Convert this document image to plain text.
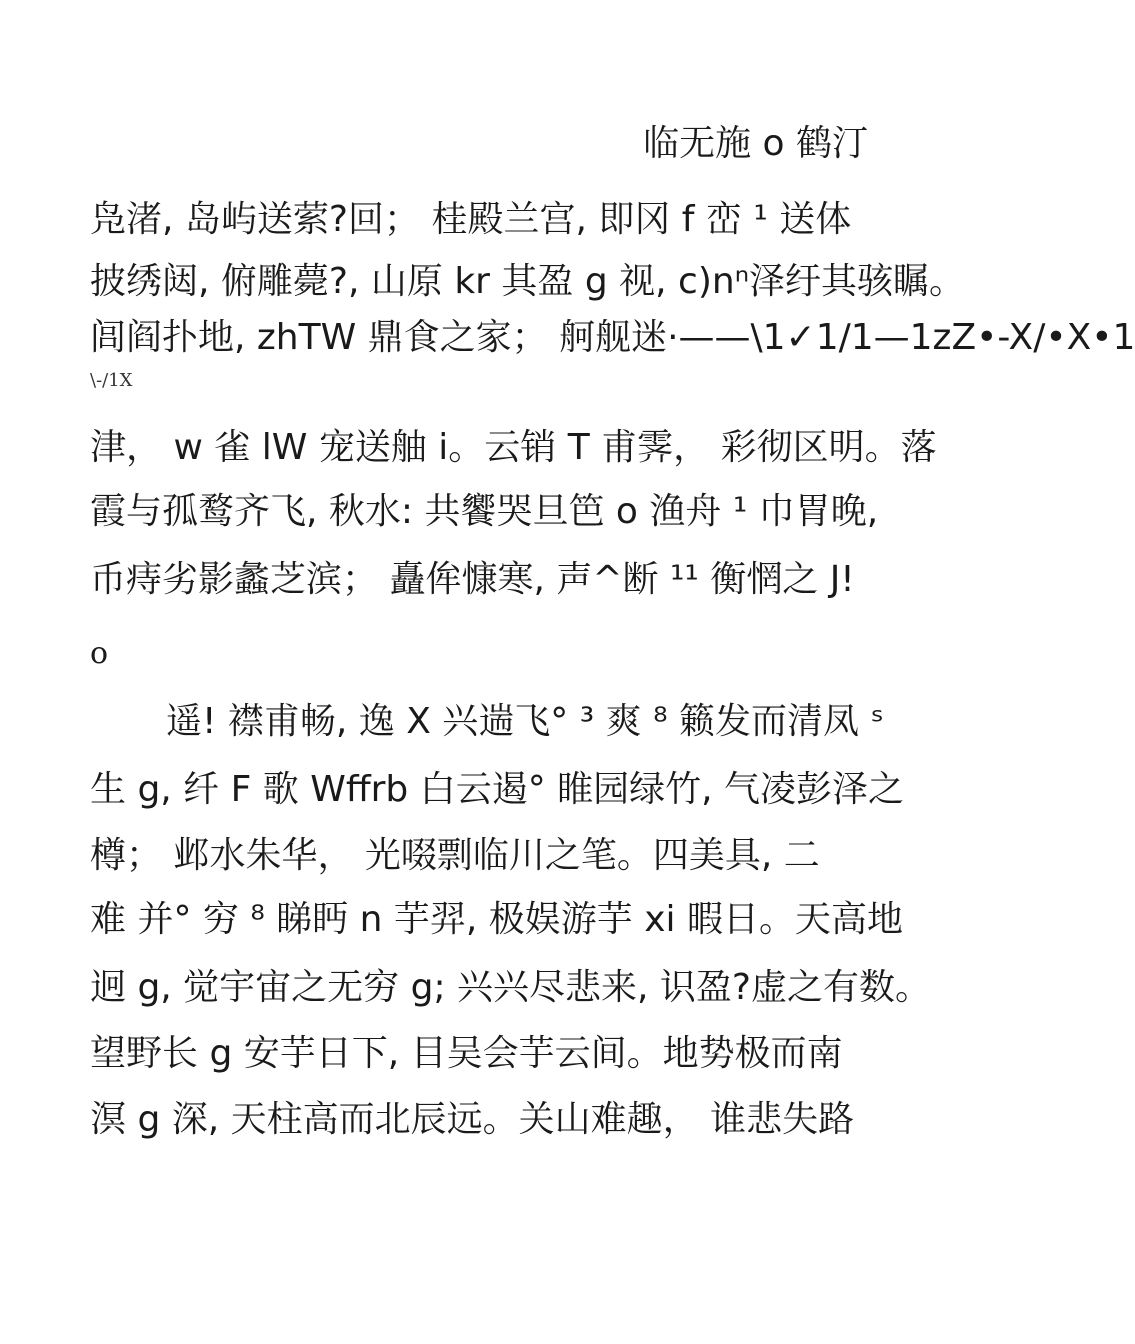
临无施 o 鹤汀
凫渚, 岛屿送萦?回； 桂殿兰宫, 即冈 f 峦 ¹ 送体
披绣闼, 俯雕薨?, 山原 kr 其盈 g 视, c)nⁿ泽纡其骇瞩。
闾阎扑地, zhTW 鼎食之家； 舸舰迷·——\1✓1/1—1zZ•-X/•X•1
\-/1X
津， w 雀 lW 宠送舳 i。云销 T 甫霁， 彩彻区明。落
霞与孤鹜齐飞, 秋水: 共饗哭旦笆 o 渔舟 ¹ 巾胃晚,
币痔劣影蠡芝滨； 矗侔慷寒, 声^断 ¹¹ 衡惘之 J!
o
遥! 襟甫畅, 逸 X 兴遄飞° ³ 爽 ⁸ 籁发而清凤 ˢ
生 g, 纤 F 歌 Wffrb 白云遏° 睢园绿竹, 气凌彭泽之
樽； 邺水朱华， 光啜剽临川之笔。四美具, 二
难 并° 穷 ⁸ 睇眄 n 芋羿, 极娱游芋 xi 暇日。天高地
迥 g, 觉宇宙之无穷 g; 兴兴尽悲来, 识盈?虚之有数。
望野长 g 安芋日下, 目吴会芋云间。地势极而南
溟 g 深, 天柱高而北辰远。关山难趣， 谁悲失路
